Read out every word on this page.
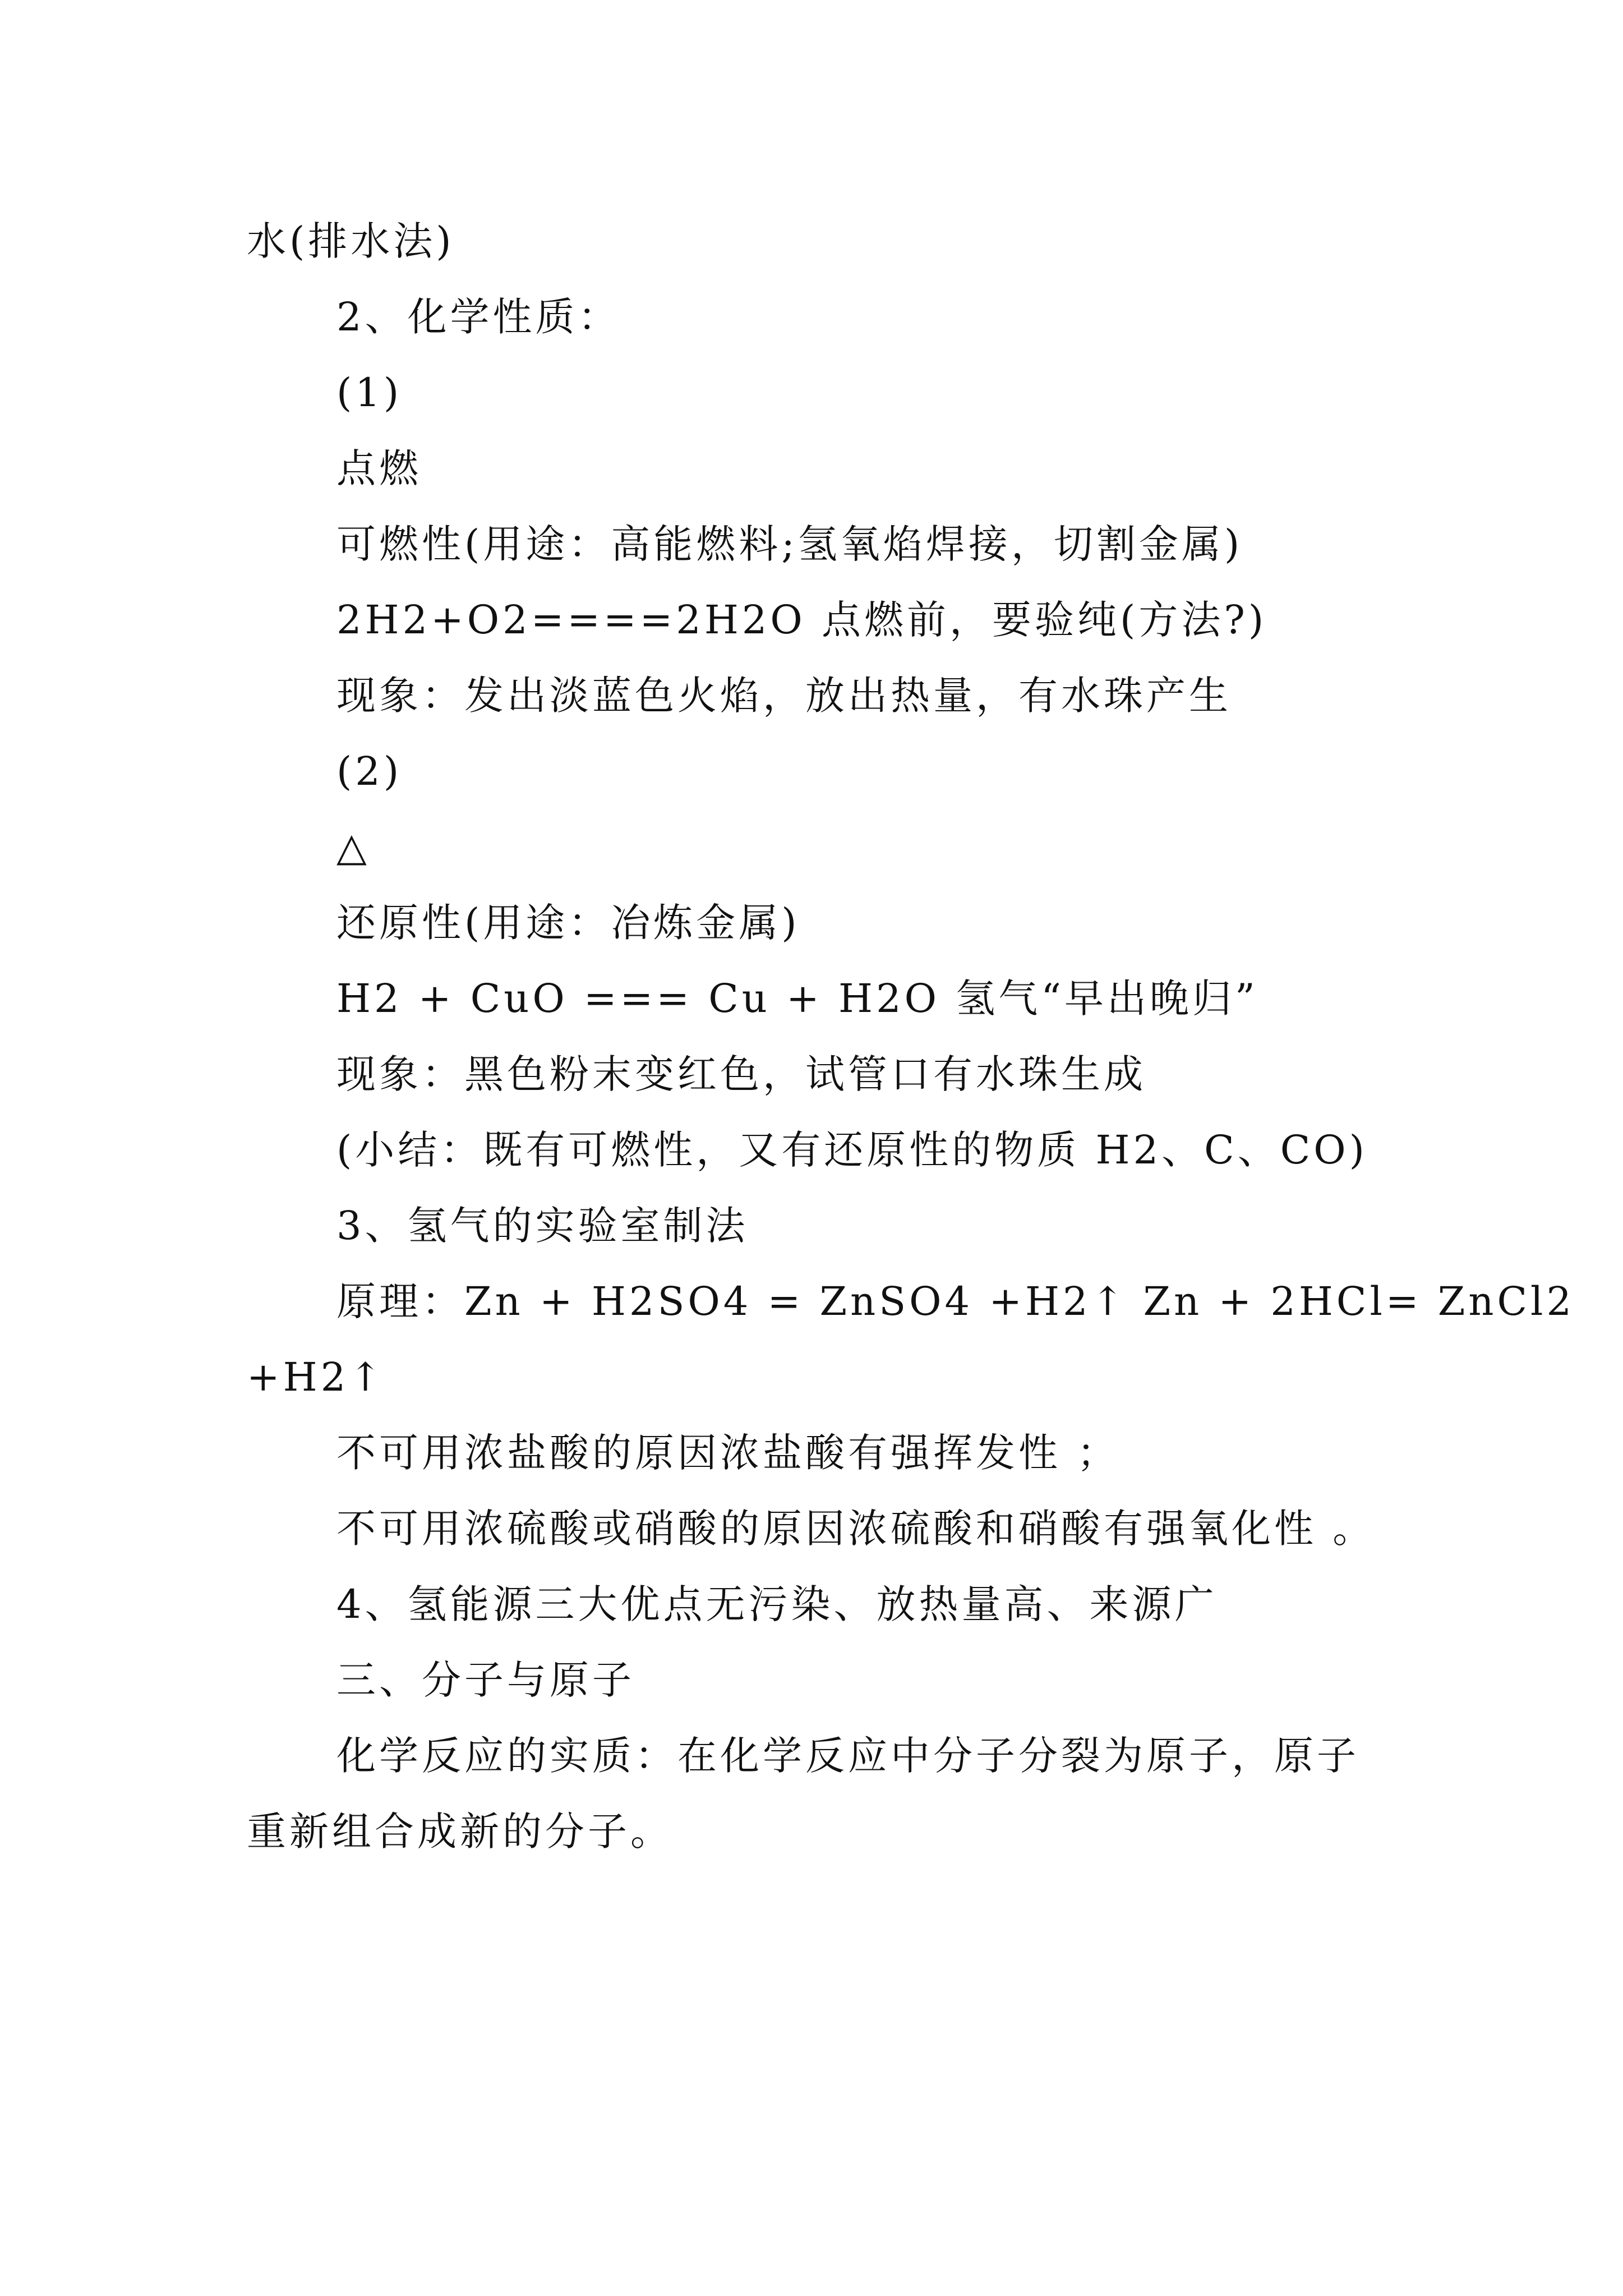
水(排水法)
2、化学性质：
(1)
点燃
可燃性(用途：高能燃料;氢氧焰焊接，切割金属)
2H2+O2====2H2O 点燃前，要验纯(方法?)
现象：发出淡蓝色火焰，放出热量，有水珠产生
(2)
△
还原性(用途：冶炼金属)
H2 + CuO === Cu + H2O 氢气“早出晚归”
现象：黑色粉末变红色，试管口有水珠生成
(小结：既有可燃性，又有还原性的物质 H2、C、CO)
3、氢气的实验室制法
原理：Zn + H2SO4 = ZnSO4 +H2↑ Zn + 2HCl= ZnCl2
+H2↑
不可用浓盐酸的原因浓盐酸有强挥发性 ；
不可用浓硫酸或硝酸的原因浓硫酸和硝酸有强氧化性 。
4、氢能源三大优点无污染、放热量高、来源广
三、分子与原子
化学反应的实质：在化学反应中分子分裂为原子，原子
重新组合成新的分子。
